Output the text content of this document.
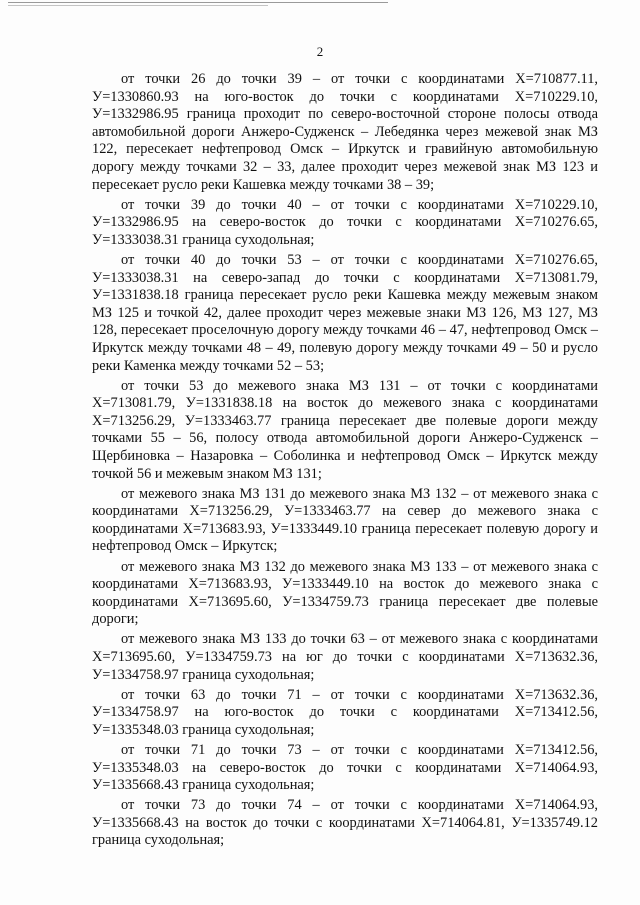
2

от точки 26 до точки 39 – от точки с координатами Х=710877.11, У=1330860.93 на юго-восток до точки с координатами Х=710229.10, У=1332986.95 граница проходит по северо-восточной стороне полосы отвода автомобильной дороги Анжеро-Судженск – Лебедянка через межевой знак МЗ 122, пересекает нефтепровод Омск – Иркутск и гравийную автомобильную дорогу между точками 32 – 33, далее проходит через межевой знак МЗ 123 и пересекает русло реки Кашевка между точками 38 – 39;

от точки 39 до точки 40 – от точки с координатами Х=710229.10, У=1332986.95 на северо-восток до точки с координатами Х=710276.65, У=1333038.31 граница суходольная;

от точки 40 до точки 53 – от точки с координатами Х=710276.65, У=1333038.31 на северо-запад до точки с координатами Х=713081.79, У=1331838.18 граница пересекает русло реки Кашевка между межевым знаком МЗ 125 и точкой 42, далее проходит через межевые знаки МЗ 126, МЗ 127, МЗ 128, пересекает проселочную дорогу между точками 46 – 47, нефтепровод Омск – Иркутск между точками 48 – 49, полевую дорогу между точками 49 – 50 и русло реки Каменка между точками 52 – 53;

от точки 53 до межевого знака МЗ 131 – от точки с координатами Х=713081.79, У=1331838.18 на восток до межевого знака с координатами Х=713256.29, У=1333463.77 граница пересекает две полевые дороги между точками 55 – 56, полосу отвода автомобильной дороги Анжеро-Судженск – Щербиновка – Назаровка – Соболинка и нефтепровод Омск – Иркутск между точкой 56 и межевым знаком МЗ 131;

от межевого знака МЗ 131 до межевого знака МЗ 132 – от межевого знака с координатами Х=713256.29, У=1333463.77 на север до межевого знака с координатами Х=713683.93, У=1333449.10 граница пересекает полевую дорогу и нефтепровод Омск – Иркутск;

от межевого знака МЗ 132 до межевого знака МЗ 133 – от межевого знака с координатами Х=713683.93, У=1333449.10 на восток до межевого знака с координатами Х=713695.60, У=1334759.73 граница пересекает две полевые дороги;

от межевого знака МЗ 133 до точки 63 – от межевого знака с координатами Х=713695.60, У=1334759.73 на юг до точки с координатами Х=713632.36, У=1334758.97 граница суходольная;

от точки 63 до точки 71 – от точки с координатами Х=713632.36, У=1334758.97 на юго-восток до точки с координатами Х=713412.56, У=1335348.03 граница суходольная;

от точки 71 до точки 73 – от точки с координатами Х=713412.56, У=1335348.03 на северо-восток до точки с координатами Х=714064.93, У=1335668.43 граница суходольная;

от точки 73 до точки 74 – от точки с координатами Х=714064.93, У=1335668.43 на восток до точки с координатами Х=714064.81, У=1335749.12 граница суходольная;
